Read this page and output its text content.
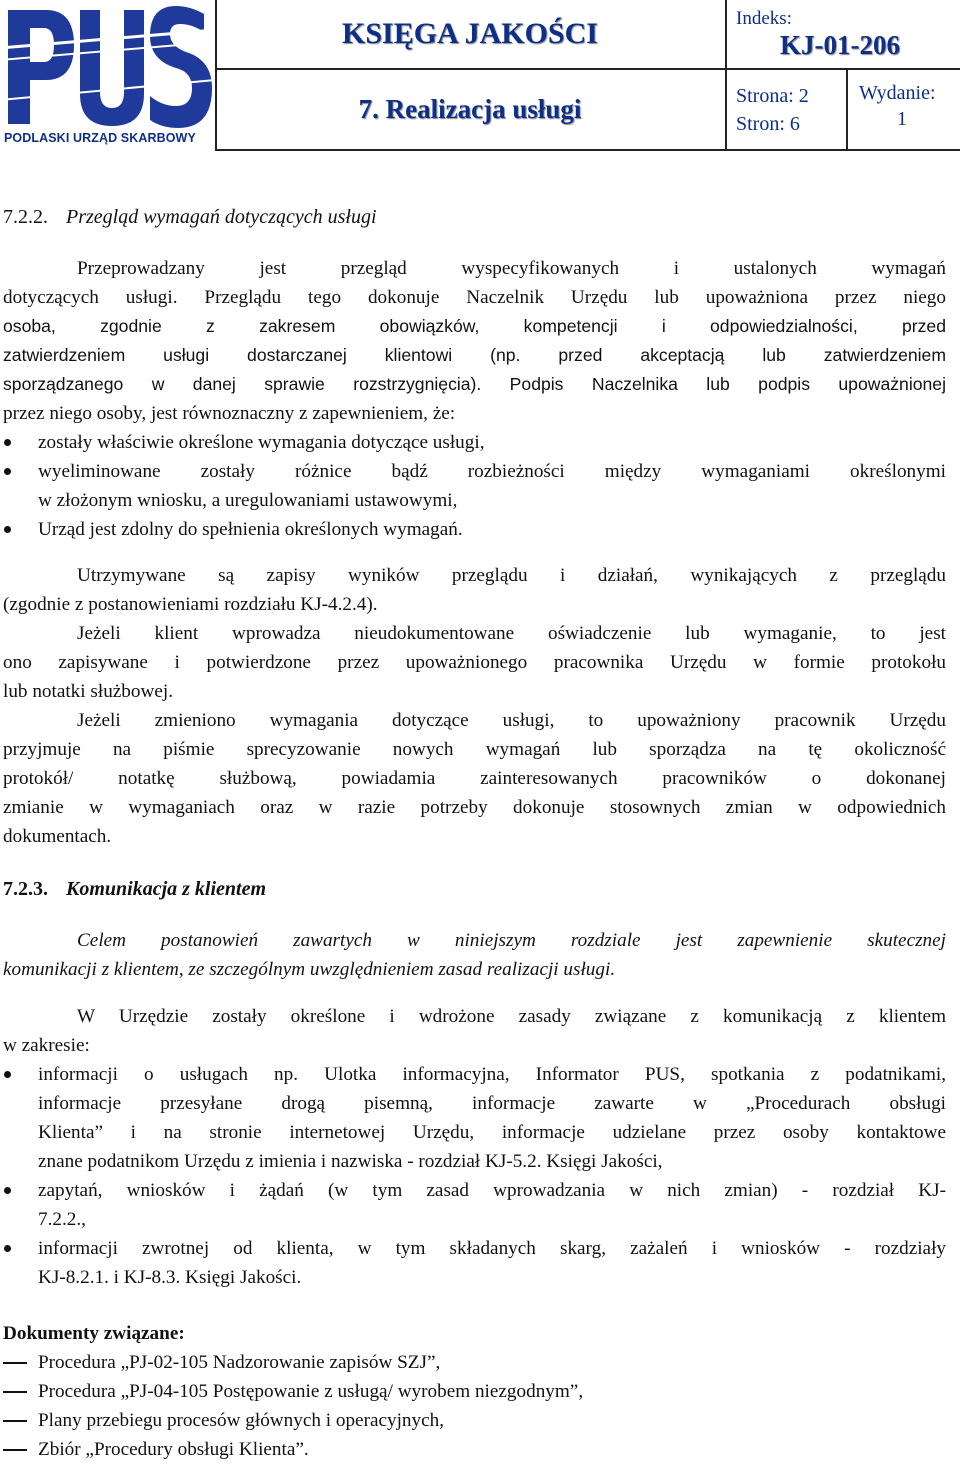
PODLASKI URZĄD SKARBOWY
KSIĘGA JAKOŚCI
7. Realizacja usługi
Indeks:
KJ-01-206
Strona: 2
Stron: 6
Wydanie:
1
7.2.2. Przegląd wymagań dotyczących usługi
Przeprowadzany jest przegląd wyspecyfikowanych i ustalonych wymagań
dotyczących usługi. Przeglądu tego dokonuje Naczelnik Urzędu lub upoważniona przez niego
osoba, zgodnie z zakresem obowiązków, kompetencji i odpowiedzialności, przed
zatwierdzeniem usługi dostarczanej klientowi (np. przed akceptacją lub zatwierdzeniem
sporządzanego w danej sprawie rozstrzygnięcia). Podpis Naczelnika lub podpis upoważnionej
przez niego osoby, jest równoznaczny z zapewnieniem, że:
zostały właściwie określone wymagania dotyczące usługi,
wyeliminowane zostały różnice bądź rozbieżności między wymaganiami określonymi
w złożonym wniosku, a uregulowaniami ustawowymi,
Urząd jest zdolny do spełnienia określonych wymagań.
Utrzymywane są zapisy wyników przeglądu i działań, wynikających z przeglądu
(zgodnie z postanowieniami rozdziału KJ-4.2.4).
Jeżeli klient wprowadza nieudokumentowane oświadczenie lub wymaganie, to jest
ono zapisywane i potwierdzone przez upoważnionego pracownika Urzędu w formie protokołu
lub notatki służbowej.
Jeżeli zmieniono wymagania dotyczące usługi, to upoważniony pracownik Urzędu
przyjmuje na piśmie sprecyzowanie nowych wymagań lub sporządza na tę okoliczność
protokół/ notatkę służbową, powiadamia zainteresowanych pracowników o dokonanej
zmianie w wymaganiach oraz w razie potrzeby dokonuje stosownych zmian w odpowiednich
dokumentach.
7.2.3. Komunikacja z klientem
Celem postanowień zawartych w niniejszym rozdziale jest zapewnienie skutecznej
komunikacji z klientem, ze szczególnym uwzględnieniem zasad realizacji usługi.
W Urzędzie zostały określone i wdrożone zasady związane z komunikacją z klientem
w zakresie:
informacji o usługach np. Ulotka informacyjna, Informator PUS, spotkania z podatnikami,
informacje przesyłane drogą pisemną, informacje zawarte w „Procedurach obsługi
Klienta” i na stronie internetowej Urzędu, informacje udzielane przez osoby kontaktowe
znane podatnikom Urzędu z imienia i nazwiska - rozdział KJ-5.2. Księgi Jakości,
zapytań, wniosków i żądań (w tym zasad wprowadzania w nich zmian) - rozdział KJ-
7.2.2.,
informacji zwrotnej od klienta, w tym składanych skarg, zażaleń i wniosków - rozdziały
KJ-8.2.1. i KJ-8.3. Księgi Jakości.
Dokumenty związane:
Procedura „PJ-02-105 Nadzorowanie zapisów SZJ”,
Procedura „PJ-04-105 Postępowanie z usługą/ wyrobem niezgodnym”,
Plany przebiegu procesów głównych i operacyjnych,
Zbiór „Procedury obsługi Klienta”.
